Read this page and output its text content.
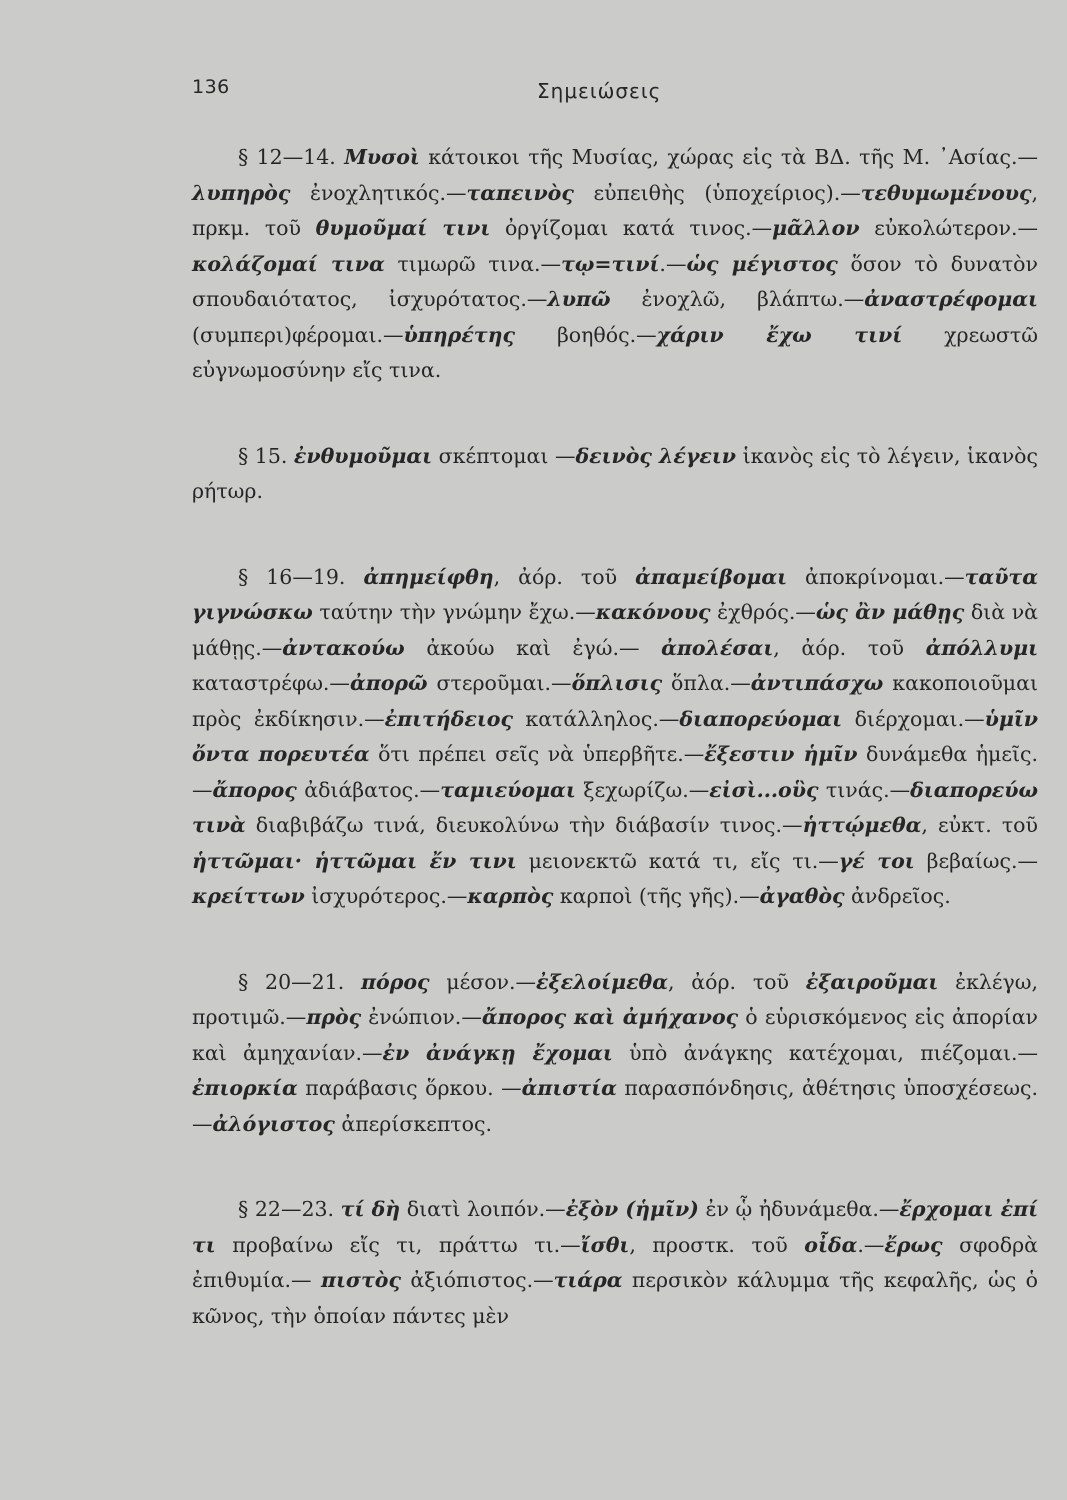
136	Σημειώσεις

§ 12—14. Μυσοὶ κάτοικοι τῆς Μυσίας, χώρας εἰς τὰ ΒΔ. τῆς Μ. ᾿Ασίας.—λυπηρὸς ἐνοχλητικός.—ταπεινὸς εὐπειθὴς (ὑποχείριος).—τεθυμωμένους, πρκμ. τοῦ θυμοῦμαί τινι ὀργίζομαι κατά τινος.—μᾶλλον εὐκολώτερον.—κολάζομαί τινα τιμωρῶ τινα.—τῳ=τινί.—ὡς μέγιστος ὅσον τὸ δυνατὸν σπουδαιότατος, ἰσχυρότατος.—λυπῶ ἐνοχλῶ, βλάπτω.—ἀναστρέφομαι (συμπερι)φέρομαι.—ὑπηρέτης βοηθός.—χάριν ἔχω τινί χρεωστῶ εὐγνωμοσύνην εἴς τινα.

§ 15. ἐνθυμοῦμαι σκέπτομαι —δεινὸς λέγειν ἱκανὸς εἰς τὸ λέγειν, ἱκανὸς ρήτωρ.

§ 16—19. ἀπημείφθη, ἀόρ. τοῦ ἀπαμείβομαι ἀποκρίνομαι.—ταῦτα γιγνώσκω ταύτην τὴν γνώμην ἔχω.—κακόνους ἐχθρός.—ὡς ἂν μάθῃς διὰ νὰ μάθῃς.—ἀντακούω ἀκούω καὶ ἐγώ.— ἀπολέσαι, ἀόρ. τοῦ ἀπόλλυμι καταστρέφω.—ἀπορῶ στεροῦμαι.—ὅπλισις ὅπλα.—ἀντιπάσχω κακοποιοῦμαι πρὸς ἐκδίκησιν.—ἐπιτήδειος κατάλληλος.—διαπορεύομαι διέρχομαι.—ὑμῖν ὄντα πορευτέα ὅτι πρέπει σεῖς νὰ ὑπερβῆτε.—ἔξεστιν ἡμῖν δυνάμεθα ἡμεῖς.—ἄπορος ἀδιάβατος.—ταμιεύομαι ξεχωρίζω.—εἰσὶ...οὓς τινάς.—διαπορεύω τινὰ διαβιβάζω τινά, διευκολύνω τὴν διάβασίν τινος.—ἡττῴμεθα, εὐκτ. τοῦ ἡττῶμαι· ἡττῶμαι ἔν τινι μειονεκτῶ κατά τι, εἴς τι.—γέ τοι βεβαίως.—κρείττων ἰσχυρότερος.—καρπὸς καρποὶ (τῆς γῆς).—ἀγαθὸς ἀνδρεῖος.

§ 20—21. πόρος μέσον.—ἐξελοίμεθα, ἀόρ. τοῦ ἐξαιροῦμαι ἐκλέγω, προτιμῶ.—πρὸς ἐνώπιον.—ἄπορος καὶ ἀμήχανος ὁ εὑρισκόμενος εἰς ἀπορίαν καὶ ἀμηχανίαν.—ἐν ἀνάγκῃ ἔχομαι ὑπὸ ἀνάγκης κατέχομαι, πιέζομαι.—ἐπιορκία παράβασις ὅρκου. —ἀπιστία παρασπόνδησις, ἀθέτησις ὑποσχέσεως.—ἀλόγιστος ἀπερίσκεπτος.

§ 22—23. τί δὴ διατὶ λοιπόν.—ἐξὸν (ἡμῖν) ἐν ᾧ ἠδυνάμεθα.—ἔρχομαι ἐπί τι προβαίνω εἴς τι, πράττω τι.—ἴσθι, προστκ. τοῦ οἶδα.—ἔρως σφοδρὰ ἐπιθυμία.— πιστὸς ἀξιόπιστος.—τιάρα περσικὸν κάλυμμα τῆς κεφαλῆς, ὡς ὁ κῶνος, τὴν ὁποίαν πάντες μὲν
